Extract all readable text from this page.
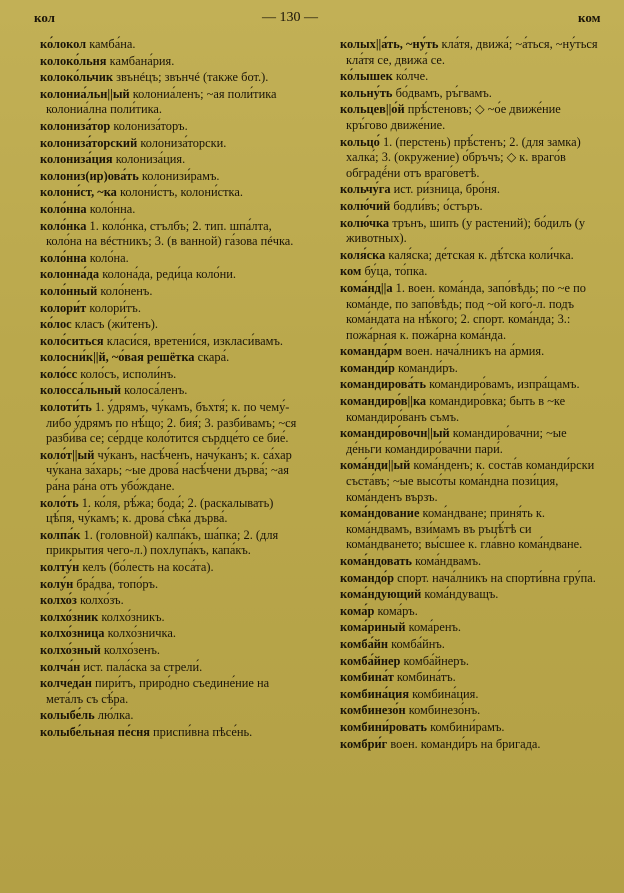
кол	— 130 —	ком
ко́локол камба́на.
колоко́льня камбана́рия.
колоко́льчик звънéцъ; звънчé (также бот.).
колониа́льн||ый колониа́ленъ; ~ая поли́тика колониа́лна поли́тика.
колониза́тор колониза́торъ.
колониза́торский колониза́торски.
колониза́ция колониза́ция.
колониз(ир)ова́ть колонизи́рамъ.
колони́ст, ~ка колони́стъ, колони́стка.
коло́нна коло́нна.
коло́нка 1. коло́нка, стълбъ; 2. тип. шпа́лта, коло́на на вéстникъ; 3. (в ванной) га́зова пéчка.
коло́нна коло́на.
колонна́да колона́да, реди́ца коло́ни.
коло́нный коло́ненъ.
колори́т колори́тъ.
ко́лос класъ (жи́тенъ).
коло́ситься класи́ся, вретени́ся, изкласи́вамъ.
колосни́к||й, ~о́вая решётка скара́.
коло́сс коло́съ, исполи́нъ.
колосса́льный колоса́ленъ.
колоти́ть 1. у́дрямъ, чу́камъ, бъхтя́; к. по чему́-либо у́дрямъ по нѣ́що; 2. бия́; 3. разби́вамъ; ~ся разби́ва се; се́рдце коло́тится сърдце́то се бие́.
коло́т||ый чу́канъ, насѣ́ченъ, начу́канъ; к. са́хар чу́кана за́харь; ~ые дрова́ насѣ́чени дърва́; ~ая ра́на ра́на отъ убо́ждане.
коло́ть 1. ко́ля, рѣ́жа; бода́; 2. (раскалывать) цѣ́пя, чу́камъ; к. дрова́ сѣка́ дърва́.
колпа́к 1. (головной) калпа́къ, ша́пка; 2. (для прикрытия чего-л.) похлупа́къ, капа́къ.
колту́н келъ (бо́лесть на коса́та).
колу́н бра́два, топо́ръ.
колхо́з колхо́зъ.
колхо́зник колхо́зникъ.
колхо́зница колхо́зничка.
колхо́зный колхо́зенъ.
колча́н ист. пала́ска за стрели́.
колчеда́н пири́тъ, приро́дно съедине́ние на мета́лъ съ сѣ́ра.
колыбе́ль лю́лка.
колыбе́льная пе́сня приспи́вна пѣсе́нь.
колых||а́ть, ~ну́ть кла́тя, движа́; ~а́ться, ~ну́ться кла́тя се, движа́ се.
ко́лышек ко́лче.
кольну́ть бо́двамъ, ръ́гвамъ.
кольцев||о́й прѣ́стеновъ; ◇ ~о́е движе́ние кръ́гово движе́ние.
кольцо́ 1. (перстень) прѣ́стенъ; 2. (для замка) халка́; 3. (окружение) о́бръчъ; ◇ к. враго́в обградé́ни отъ враго́ветѣ.
кольчу́га ист. ри́зница, бро́ня.
колю́чий бодли́въ; о́стъръ.
колю́чка трънъ, шипъ (у растений); бо́дилъ (у животных).
коля́ска каля́ска; де́тская к. дѣ́тска коли́чка.
ком бу́ца, то́пка.
кома́нд||а 1. воен. кома́нда, запо́вѣдь; по ~е по кома́нде, по запо́вѣдь; под ~ой кого́-л. подъ кома́ндата на нѣ́кого; 2. спорт. кома́нда; 3.: пожа́рная к. пожа́рна кома́нда.
команда́рм воен. нача́лникъ на а́рмия.
команди́р команди́ръ.
командирова́ть командиро́вамъ, изпра́щамъ.
командиро́в||ка командиро́вка; быть в ~ке командиро́ванъ съмъ.
командиро́вочн||ый командиро́вачни; ~ые де́ньги командиро́вачни пари́.
кома́нди||ый кома́нденъ; к. соста́в команди́рски съста́въ; ~ые высо́ты кома́ндна пози́ция, кома́нденъ вързъ.
кома́ндование кома́ндване; приня́ть к. кома́ндвамъ, взи́мамъ въ ръцѣ́тѣ си кома́ндването; вы́сшее к. гла́вно кома́ндване.
кома́ндовать кома́ндвамъ.
командо́р спорт. нача́лникъ на спорти́вна гру́па.
кома́ндующий кома́ндуващъ.
кома́р кома́ръ.
кома́риный кома́ренъ.
комба́йн комба́йнъ.
комба́йнер комба́йнеръ.
комбина́т комбина́тъ.
комбина́ция комбина́ция.
комбинезо́н комбинезо́нъ.
комбини́ровать комбини́рамъ.
комбри́г воен. команди́ръ на бригада.
